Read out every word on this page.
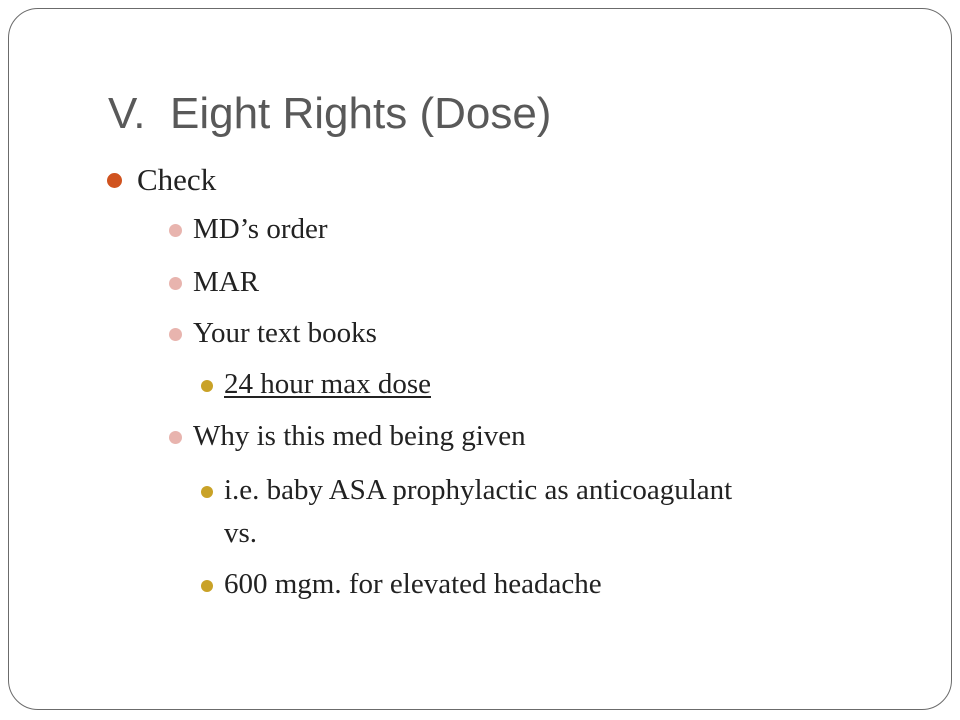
V.  Eight Rights (Dose)
Check
MD’s order
MAR
Your text books
24 hour max dose
Why is this med being given
i.e. baby ASA prophylactic as anticoagulant
vs.
600 mgm. for elevated headache
